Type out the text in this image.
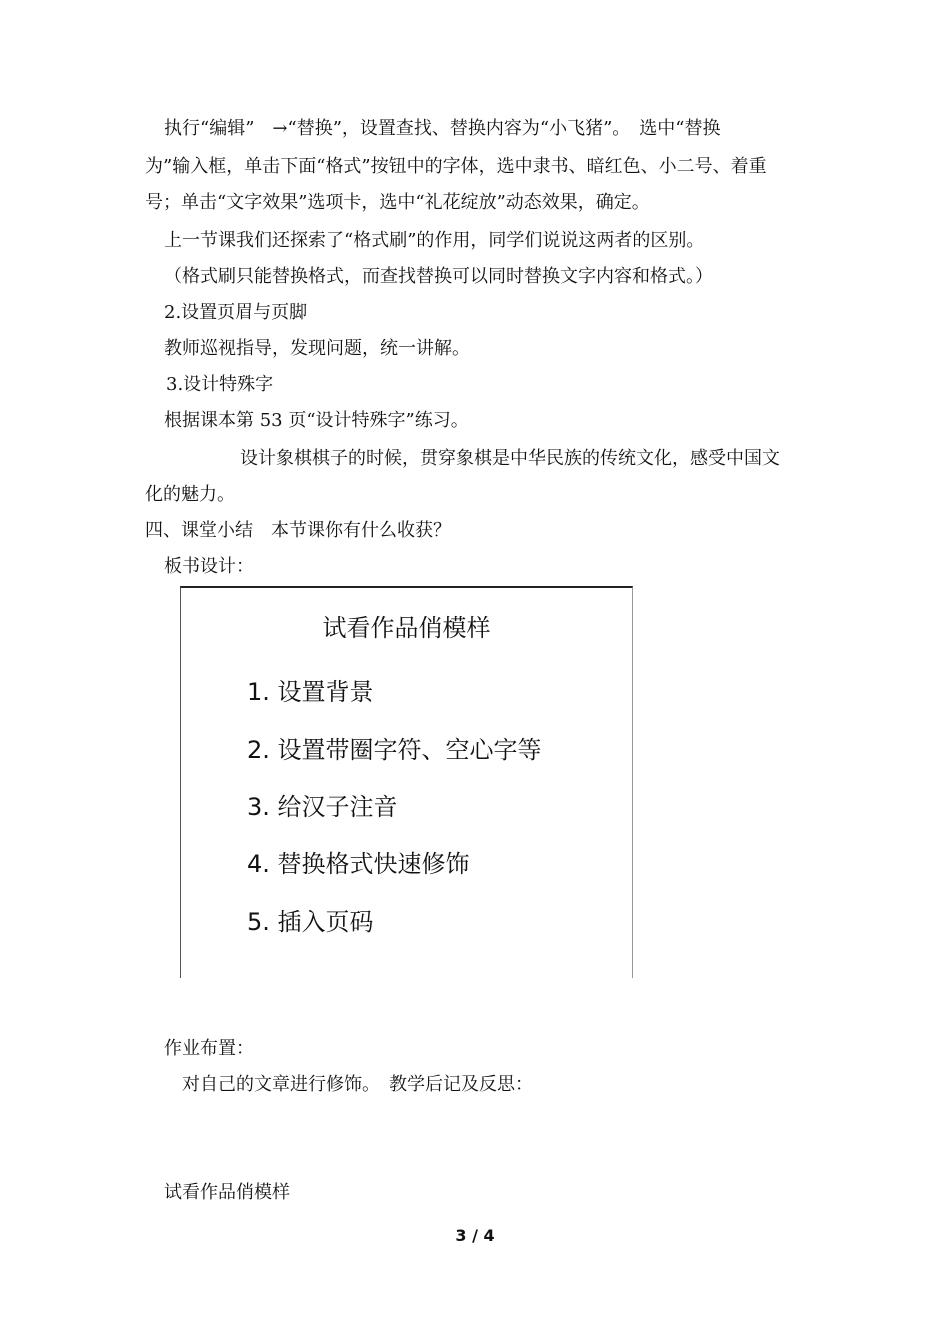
执行“编辑”　→“替换”，设置查找、替换内容为“小飞猪”。　选中“替换
为”输入框，单击下面“格式”按钮中的字体，选中隶书、暗红色、小二号、着重
号；单击“文字效果”选项卡，选中“礼花绽放”动态效果，确定。
上一节课我们还探索了“格式刷”的作用，同学们说说这两者的区别。
（格式刷只能替换格式，而查找替换可以同时替换文字内容和格式。）
2.设置页眉与页脚
教师巡视指导，发现问题，统一讲解。
3.设计特殊字
根据课本第 53 页“设计特殊字”练习。
设计象棋棋子的时候，贯穿象棋是中华民族的传统文化，感受中国文
化的魅力。
四、课堂小结　本节课你有什么收获？
板书设计：
试看作品俏模样
1. 设置背景
2. 设置带圈字符、空心字等
3. 给汉子注音
4. 替换格式快速修饰
5. 插入页码
作业布置：
对自己的文章进行修饰。　教学后记及反思：
试看作品俏模样
3 / 4
